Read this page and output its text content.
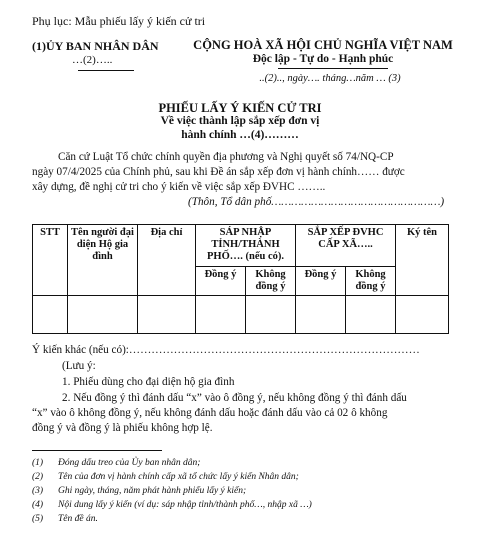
Phụ lục: Mẫu phiếu lấy ý kiến cử tri
(1)ỦY BAN NHÂN DÂN
…(2)…..
CỘNG HOÀ XÃ HỘI CHỦ NGHĨA VIỆT NAM
Độc lập - Tự do - Hạnh phúc
..(2).., ngày…. tháng…năm … (3)
PHIẾU LẤY Ý KIẾN CỬ TRI
Về việc thành lập sắp xếp đơn vị
hành chính …(4)………
Căn cứ Luật Tổ chức chính quyền địa phương và Nghị quyết số 74/NQ-CP
ngày 07/4/2025 của Chính phủ, sau khi Đề án sắp xếp đơn vị hành chính…… được
xây dựng, đề nghị cử tri cho ý kiến về việc sắp xếp ĐVHC ……..
(Thôn, Tổ dân phố……………………………………………)
STT	Tên người đại diện Hộ gia đình	Địa chỉ	SÁP NHẬP TỈNH/THÀNH PHỐ…. (nếu có).		SẮP XẾP ĐVHC CẤP XÃ…..		Ký tên
			Đồng ý	Không đồng ý	Đồng ý	Không đồng ý	

Ý kiến khác (nếu có):……………………………………………………………………
(Lưu ý:
1. Phiếu dùng cho đại diện hộ gia đình
2. Nếu đồng ý thì đánh dấu “x” vào ô đồng ý, nếu không đồng ý thì đánh dấu
“x” vào ô không đồng ý, nếu không đánh dấu hoặc đánh dấu vào cả 02 ô không
đồng ý và đồng ý là phiếu không hợp lệ.
(1) Đóng dấu treo của Ủy ban nhân dân;
(2) Tên của đơn vị hành chính cấp xã tổ chức lấy ý kiến Nhân dân;
(3) Ghi ngày, tháng, năm phát hành phiếu lấy ý kiến;
(4) Nội dung lấy ý kiến (ví dụ: sáp nhập tỉnh/thành phố…, nhập xã …)
(5) Tên đề án.
